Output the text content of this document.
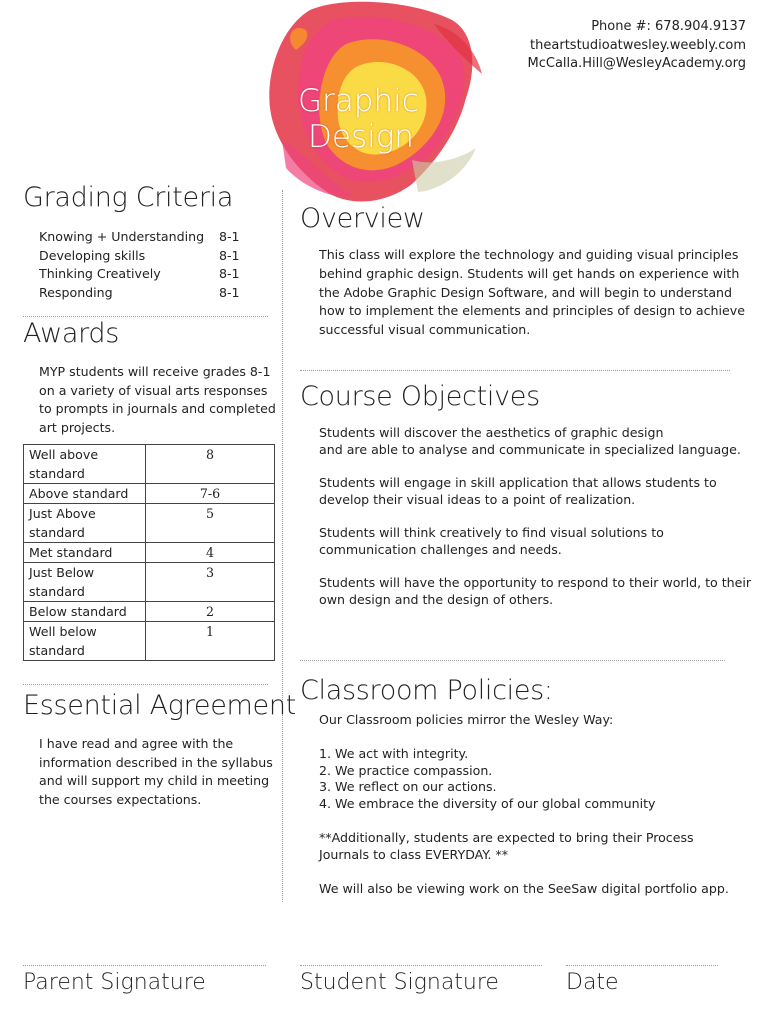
Phone #: 678.904.9137
theartstudioatwesley.weebly.com
McCalla.Hill@WesleyAcademy.org
Graphic
Design
Grading Criteria
Knowing + Understanding	8-1
Developing skills	8-1
Thinking Creatively	8-1
Responding	8-1
Awards
MYP students will receive grades 8-1
on a variety of visual arts responses
to prompts in journals and completed
art projects.
Well above standard	8
Above standard	7-6
Just Above standard	5
Met standard	4
Just Below standard	3
Below standard	2
Well below standard	1
Essential Agreement
I have read and agree with the
information described in the syllabus
and will support my child in meeting
the courses expectations.
Overview
This class will explore the technology and guiding visual principles
behind graphic design. Students will get hands on experience with
the Adobe Graphic Design Software, and will begin to understand
how to implement the elements and principles of design to achieve
successful visual communication.
Course Objectives
Students will discover the aesthetics of graphic design
and are able to analyse and communicate in specialized language.
Students will engage in skill application that allows students to
develop their visual ideas to a point of realization.
Students will think creatively to find visual solutions to
communication challenges and needs.
Students will have the opportunity to respond to their world, to their
own design and the design of others.
Classroom Policies:
Our Classroom policies mirror the Wesley Way:
1. We act with integrity.
2. We practice compassion.
3. We reflect on our actions.
4. We embrace the diversity of our global community
**Additionally, students are expected to bring their Process
Journals to class EVERYDAY. **
We will also be viewing work on the SeeSaw digital portfolio app.
Parent Signature	Student Signature	Date
